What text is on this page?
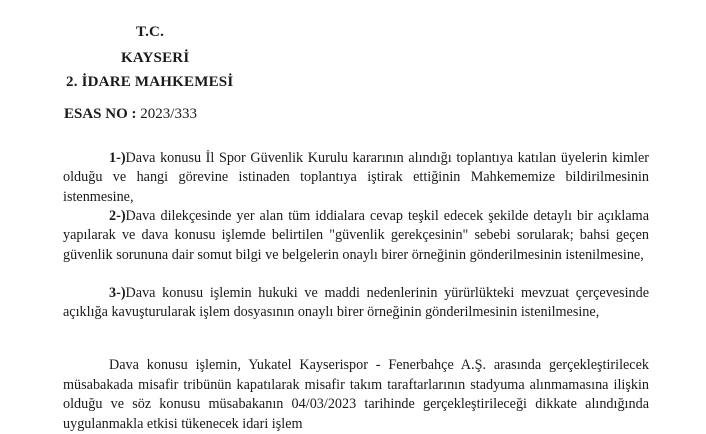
T.C.
KAYSERİ
2. İDARE MAHKEMESİ
ESAS NO : 2023/333
1-)Dava konusu İl Spor Güvenlik Kurulu kararının alındığı toplantıya katılan üyelerin kimler olduğu ve hangi görevine istinaden toplantıya iştirak ettiğinin Mahkememize bildirilmesinin istenmesine,
2-)Dava dilekçesinde yer alan tüm iddialara cevap teşkil edecek şekilde detaylı bir açıklama yapılarak ve dava konusu işlemde belirtilen "güvenlik gerekçesinin" sebebi sorularak; bahsi geçen güvenlik sorununa dair somut bilgi ve belgelerin onaylı birer örneğinin gönderilmesinin istenilmesine,
3-)Dava konusu işlemin hukuki ve maddi nedenlerinin yürürlükteki mevzuat çerçevesinde açıklığa kavuşturularak işlem dosyasının onaylı birer örneğinin gönderilmesinin istenilmesine,
Dava konusu işlemin, Yukatel Kayserispor - Fenerbahçe A.Ş. arasında gerçekleştirilecek müsabakada misafir tribünün kapatılarak misafir takım taraftarlarının stadyuma alınmamasına ilişkin olduğu ve söz konusu müsabakanın 04/03/2023 tarihinde gerçekleştirileceği dikkate alındığında uygulanmakla etkisi tükenecek idari işlem
